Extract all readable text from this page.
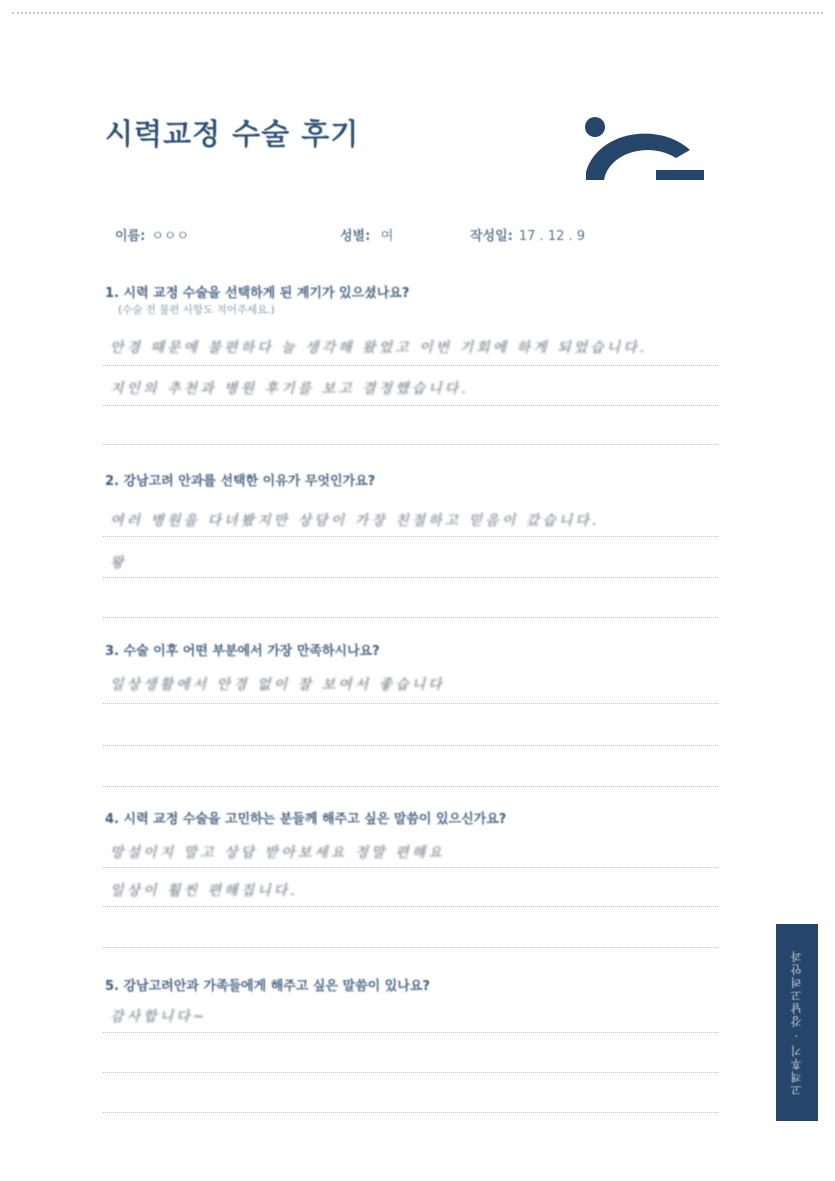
시력교정 수술 후기
이름: ㅇㅇㅇ	성별: 여	작성일: 17 . 12 . 9
1. 시력 교정 수술을 선택하게 된 계기가 있으셨나요?
(수술 전 불편 사항도 적어주세요.)
안경 때문에 불편하다 늘 생각해 왔었고 이번 기회에 하게 되었습니다.
지인의 추천과 병원 후기를 보고 결정했습니다.
2. 강남고려 안과를 선택한 이유가 무엇인가요?
여러 병원을 다녀봤지만 상담이 가장 친절하고 믿음이 갔습니다.
왕
3. 수술 이후 어떤 부분에서 가장 만족하시나요?
일상생활에서 안경 없이 잘 보여서 좋습니다
4. 시력 교정 수술을 고민하는 분들께 해주고 싶은 말씀이 있으신가요?
망설이지 말고 상담 받아보세요 정말 편해요
일상이 훨씬 편해집니다.
5. 강남고려안과 가족들에게 해주고 싶은 말씀이 있나요?
감사합니다~	고객후기 · 강남고려안과
